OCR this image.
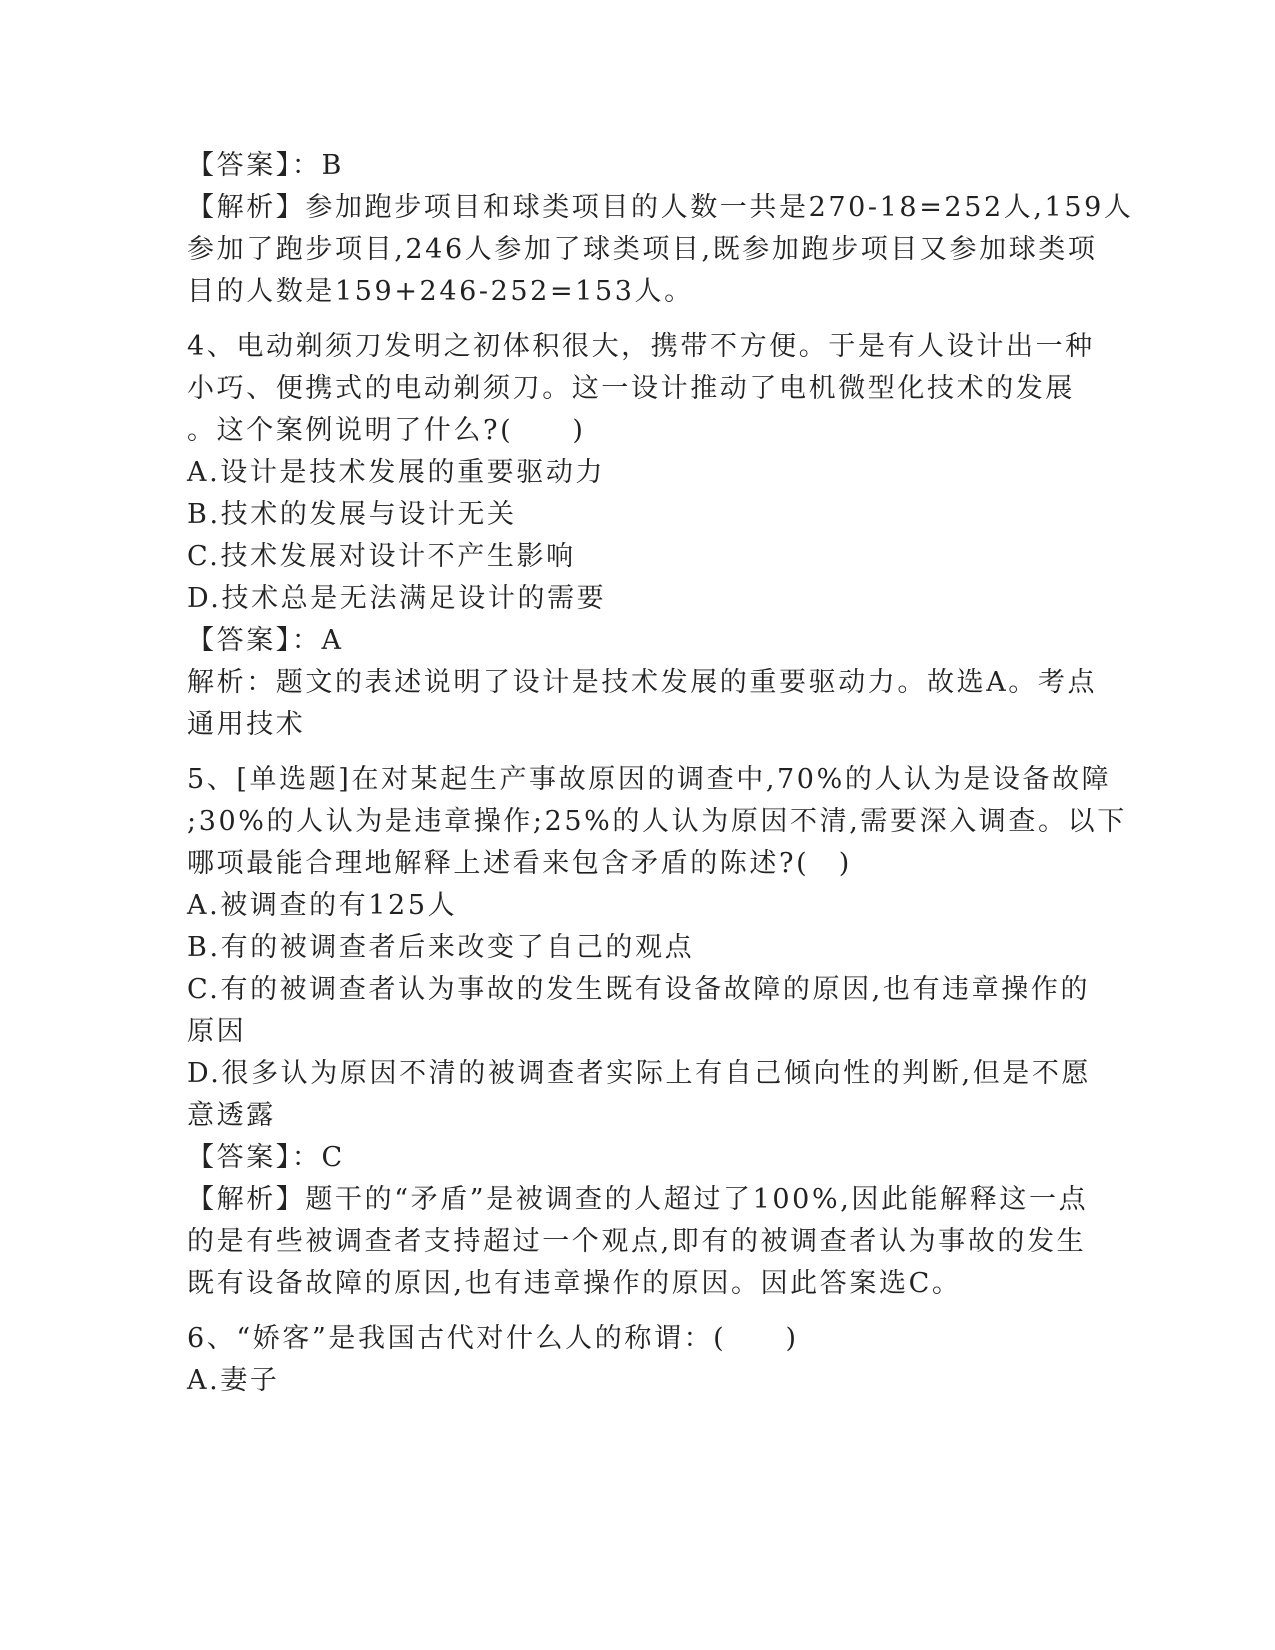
【答案】：B
【解析】参加跑步项目和球类项目的人数一共是270-18=252人,159人
参加了跑步项目,246人参加了球类项目,既参加跑步项目又参加球类项
目的人数是159+246-252=153人。
4、电动剃须刀发明之初体积很大，携带不方便。于是有人设计出一种
小巧、便携式的电动剃须刀。这一设计推动了电机微型化技术的发展
。这个案例说明了什么?(　　)
A.设计是技术发展的重要驱动力
B.技术的发展与设计无关
C.技术发展对设计不产生影响
D.技术总是无法满足设计的需要
【答案】：A
解析：题文的表述说明了设计是技术发展的重要驱动力。故选A。考点
通用技术
5、[单选题]在对某起生产事故原因的调查中,70%的人认为是设备故障
;30%的人认为是违章操作;25%的人认为原因不清,需要深入调查。以下
哪项最能合理地解释上述看来包含矛盾的陈述?(　)
A.被调查的有125人
B.有的被调查者后来改变了自己的观点
C.有的被调查者认为事故的发生既有设备故障的原因,也有违章操作的
原因
D.很多认为原因不清的被调查者实际上有自己倾向性的判断,但是不愿
意透露
【答案】：C
【解析】题干的“矛盾”是被调查的人超过了100%,因此能解释这一点
的是有些被调查者支持超过一个观点,即有的被调查者认为事故的发生
既有设备故障的原因,也有违章操作的原因。因此答案选C。
6、“娇客”是我国古代对什么人的称谓：(　　)
A.妻子
